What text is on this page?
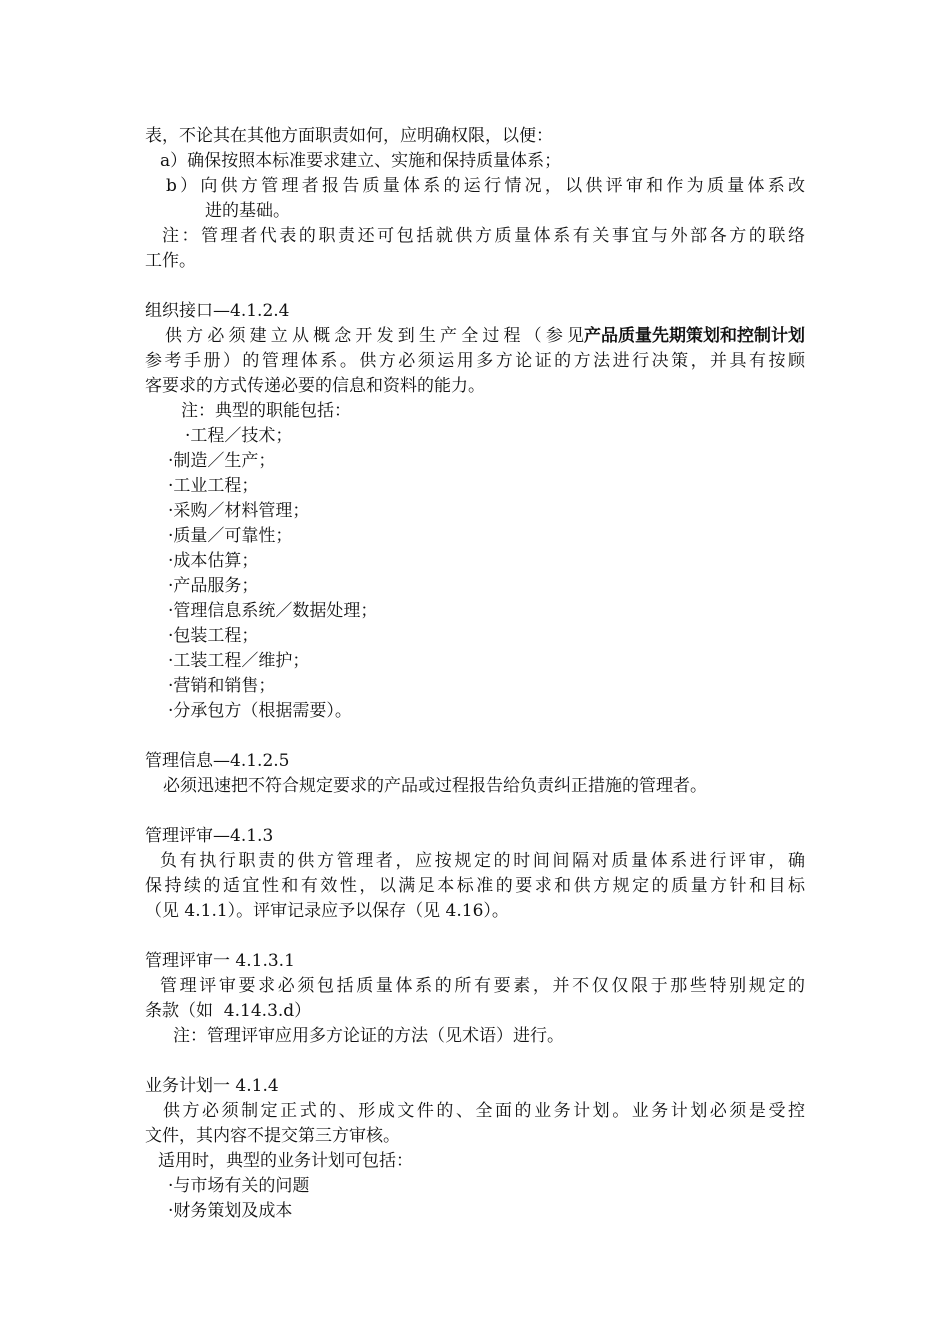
表，不论其在其他方面职责如何，应明确权限，以便：
a）确保按照本标准要求建立、实施和保持质量体系；
b）向供方管理者报告质量体系的运行情况，以供评审和作为质量体系改
进的基础。
注：管理者代表的职责还可包括就供方质量体系有关事宜与外部各方的联络
工作。
组织接口—4.1.2.4
供方必须建立从概念开发到生产全过程（参见 产品质量先期策划和控制计划
参考手册）的管理体系。供方必须运用多方论证的方法进行决策，并具有按顾
客要求的方式传递必要的信息和资料的能力。
注：典型的职能包括：
·工程／技术；
·制造／生产；
·工业工程；
·采购／材料管理；
·质量／可靠性；
·成本估算；
·产品服务；
·管理信息系统／数据处理；
·包装工程；
·工装工程／维护；
·营销和销售；
·分承包方（根据需要）。
管理信息—4.1.2.5
必须迅速把不符合规定要求的产品或过程报告给负责纠正措施的管理者。
管理评审—4.1.3
负有执行职责的供方管理者，应按规定的时间间隔对质量体系进行评审，确
保持续的适宜性和有效性，以满足本标准的要求和供方规定的质量方针和目标
（见 4.1.1）。评审记录应予以保存（见 4.16）。
管理评审一 4.1.3.1
管理评审要求必须包括质量体系的所有要素，并不仅仅限于那些特别规定的
条款（如  4.14.3.d）
注：管理评审应用多方论证的方法（见术语）进行。
业务计划一 4.1.4
供方必须制定正式的、形成文件的、全面的业务计划。业务计划必须是受控
文件，其内容不提交第三方审核。
适用时，典型的业务计划可包括：
·与市场有关的问题
·财务策划及成本
